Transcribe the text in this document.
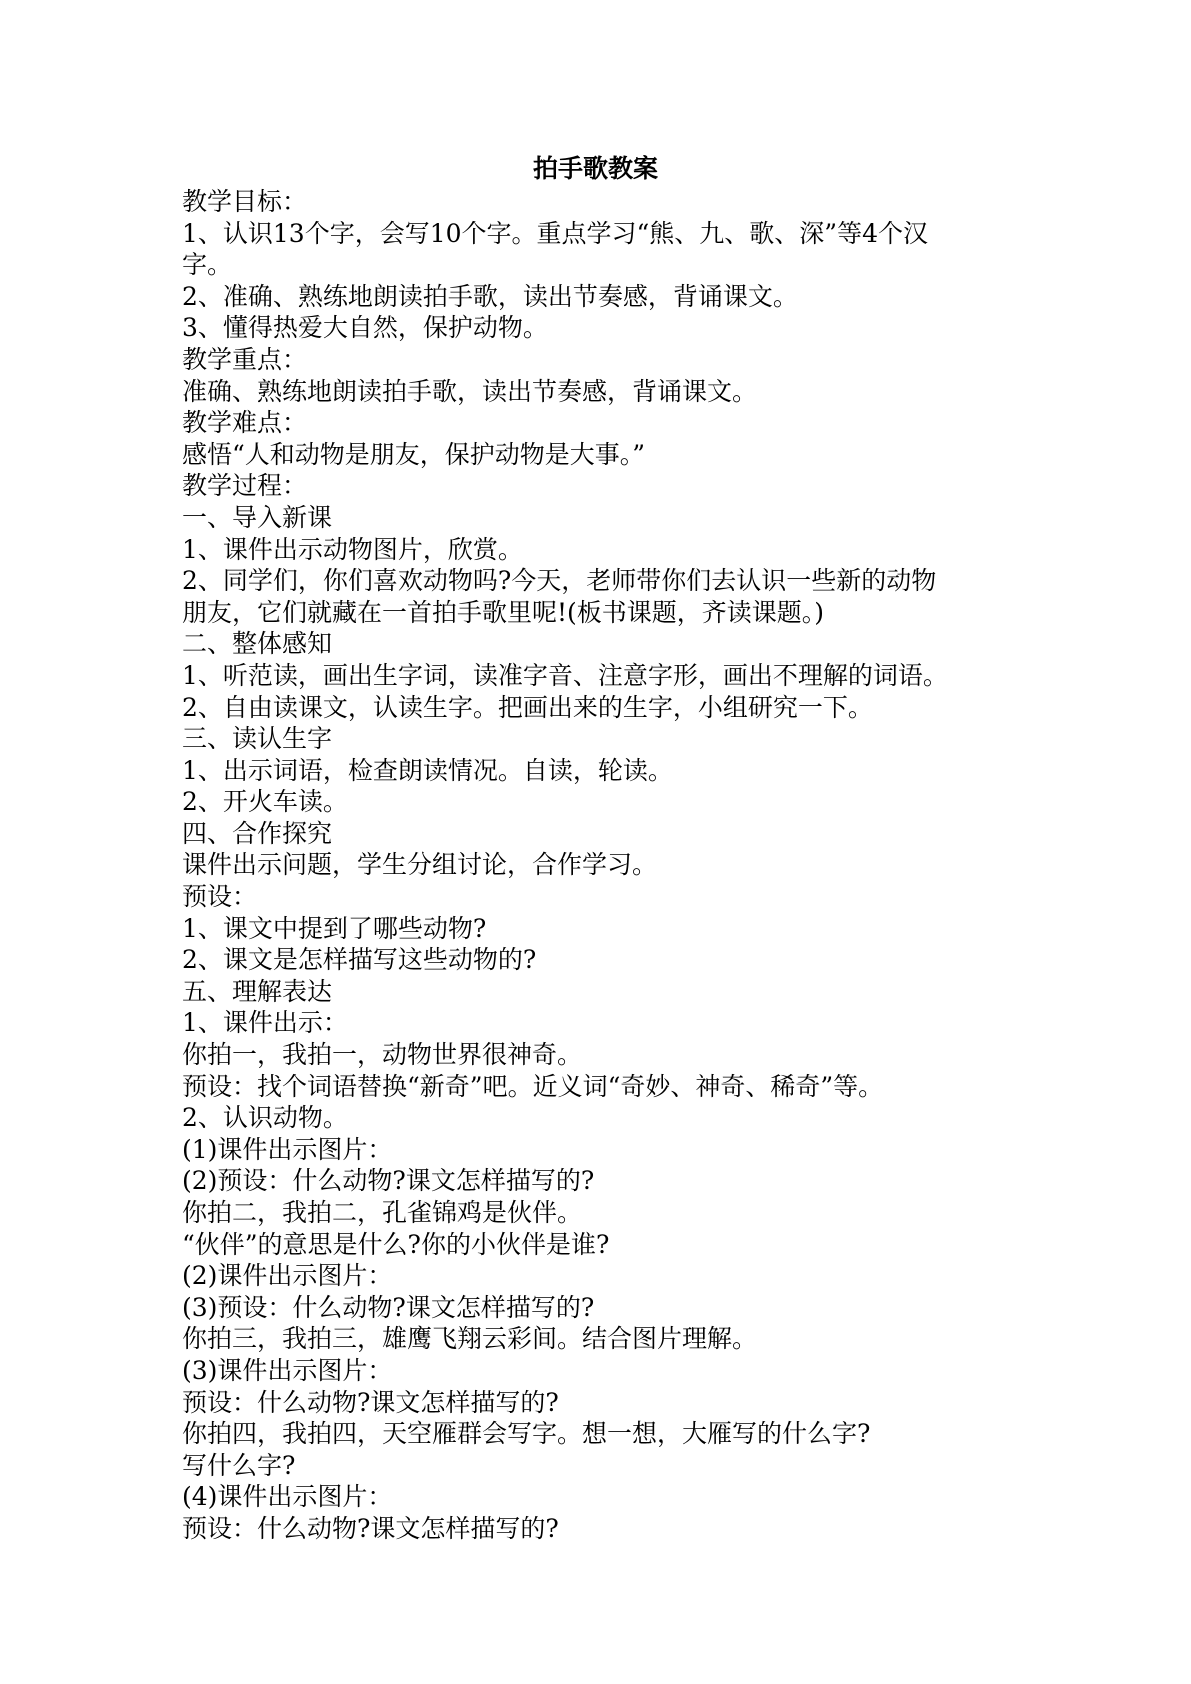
拍手歌教案

教学目标：

1、认识13个字，会写10个字。重点学习“熊、九、歌、深”等4个汉

字。

2、准确、熟练地朗读拍手歌，读出节奏感，背诵课文。

3、懂得热爱大自然，保护动物。

教学重点：

准确、熟练地朗读拍手歌，读出节奏感，背诵课文。

教学难点：

感悟“人和动物是朋友，保护动物是大事。”

教学过程：

一、导入新课

1、课件出示动物图片，欣赏。

2、同学们，你们喜欢动物吗?今天，老师带你们去认识一些新的动物

朋友，它们就藏在一首拍手歌里呢!(板书课题，齐读课题。)

二、整体感知

1、听范读，画出生字词，读准字音、注意字形，画出不理解的词语。

2、自由读课文，认读生字。把画出来的生字，小组研究一下。

三、读认生字

1、出示词语，检查朗读情况。自读，轮读。

2、开火车读。

四、合作探究

课件出示问题，学生分组讨论，合作学习。

预设：

1、课文中提到了哪些动物?

2、课文是怎样描写这些动物的?

五、理解表达

1、课件出示：

你拍一，我拍一，动物世界很神奇。

预设：找个词语替换“新奇”吧。近义词“奇妙、神奇、稀奇”等。

2、认识动物。

(1)课件出示图片：

(2)预设：什么动物?课文怎样描写的?

你拍二，我拍二，孔雀锦鸡是伙伴。

“伙伴”的意思是什么?你的小伙伴是谁?

(2)课件出示图片：

(3)预设：什么动物?课文怎样描写的?

你拍三，我拍三，雄鹰飞翔云彩间。结合图片理解。

(3)课件出示图片：

预设：什么动物?课文怎样描写的?

你拍四，我拍四，天空雁群会写字。想一想，大雁写的什么字?

写什么字?

(4)课件出示图片：

预设：什么动物?课文怎样描写的?
